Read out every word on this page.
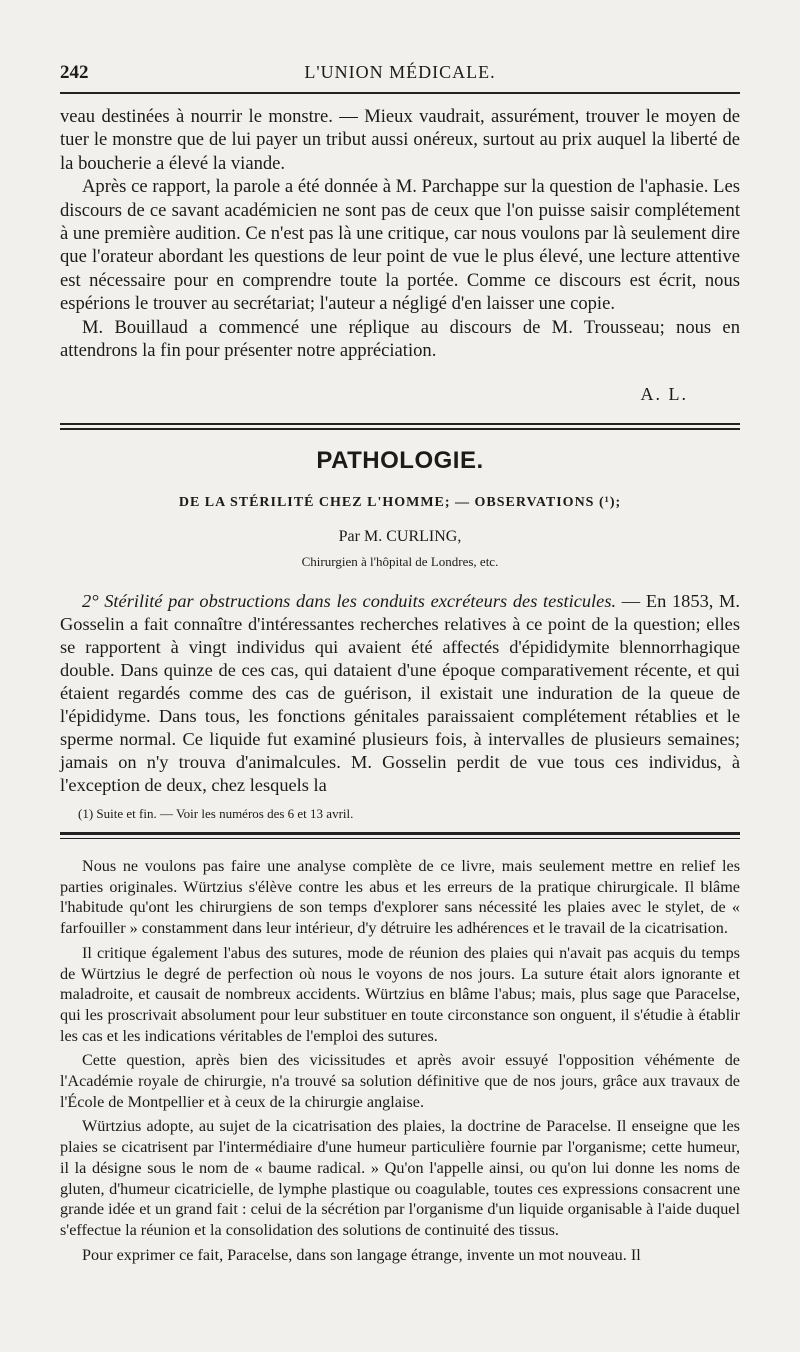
242	L'UNION MÉDICALE.

veau destinées à nourrir le monstre. — Mieux vaudrait, assurément, trouver le moyen de tuer le monstre que de lui payer un tribut aussi onéreux, surtout au prix auquel la liberté de la boucherie a élevé la viande.

Après ce rapport, la parole a été donnée à M. Parchappe sur la question de l'aphasie. Les discours de ce savant académicien ne sont pas de ceux que l'on puisse saisir complétement à une première audition. Ce n'est pas là une critique, car nous voulons par là seulement dire que l'orateur abordant les questions de leur point de vue le plus élevé, une lecture attentive est nécessaire pour en comprendre toute la portée. Comme ce discours est écrit, nous espérions le trouver au secrétariat; l'auteur a négligé d'en laisser une copie.

M. Bouillaud a commencé une réplique au discours de M. Trousseau; nous en attendrons la fin pour présenter notre appréciation.

A. L.
PATHOLOGIE.
DE LA STÉRILITÉ CHEZ L'HOMME; — OBSERVATIONS (¹);
Par M. CURLING,
Chirurgien à l'hôpital de Londres, etc.

2° Stérilité par obstructions dans les conduits excréteurs des testicules. — En 1853, M. Gosselin a fait connaître d'intéressantes recherches relatives à ce point de la question; elles se rapportent à vingt individus qui avaient été affectés d'épididymite blennorrhagique double. Dans quinze de ces cas, qui dataient d'une époque comparativement récente, et qui étaient regardés comme des cas de guérison, il existait une induration de la queue de l'épididyme. Dans tous, les fonctions génitales paraissaient complétement rétablies et le sperme normal. Ce liquide fut examiné plusieurs fois, à intervalles de plusieurs semaines; jamais on n'y trouva d'animalcules. M. Gosselin perdit de vue tous ces individus, à l'exception de deux, chez lesquels la

(1) Suite et fin. — Voir les numéros des 6 et 13 avril.

Nous ne voulons pas faire une analyse complète de ce livre, mais seulement mettre en relief les parties originales. Würtzius s'élève contre les abus et les erreurs de la pratique chirurgicale. Il blâme l'habitude qu'ont les chirurgiens de son temps d'explorer sans nécessité les plaies avec le stylet, de « farfouiller » constamment dans leur intérieur, d'y détruire les adhérences et le travail de la cicatrisation.

Il critique également l'abus des sutures, mode de réunion des plaies qui n'avait pas acquis du temps de Würtzius le degré de perfection où nous le voyons de nos jours. La suture était alors ignorante et maladroite, et causait de nombreux accidents. Würtzius en blâme l'abus; mais, plus sage que Paracelse, qui les proscrivait absolument pour leur substituer en toute circonstance son onguent, il s'étudie à établir les cas et les indications véritables de l'emploi des sutures.

Cette question, après bien des vicissitudes et après avoir essuyé l'opposition véhémente de l'Académie royale de chirurgie, n'a trouvé sa solution définitive que de nos jours, grâce aux travaux de l'École de Montpellier et à ceux de la chirurgie anglaise.

Würtzius adopte, au sujet de la cicatrisation des plaies, la doctrine de Paracelse. Il enseigne que les plaies se cicatrisent par l'intermédiaire d'une humeur particulière fournie par l'organisme; cette humeur, il la désigne sous le nom de « baume radical. » Qu'on l'appelle ainsi, ou qu'on lui donne les noms de gluten, d'humeur cicatricielle, de lymphe plastique ou coagulable, toutes ces expressions consacrent une grande idée et un grand fait : celui de la sécrétion par l'organisme d'un liquide organisable à l'aide duquel s'effectue la réunion et la consolidation des solutions de continuité des tissus.

Pour exprimer ce fait, Paracelse, dans son langage étrange, invente un mot nouveau. Il
